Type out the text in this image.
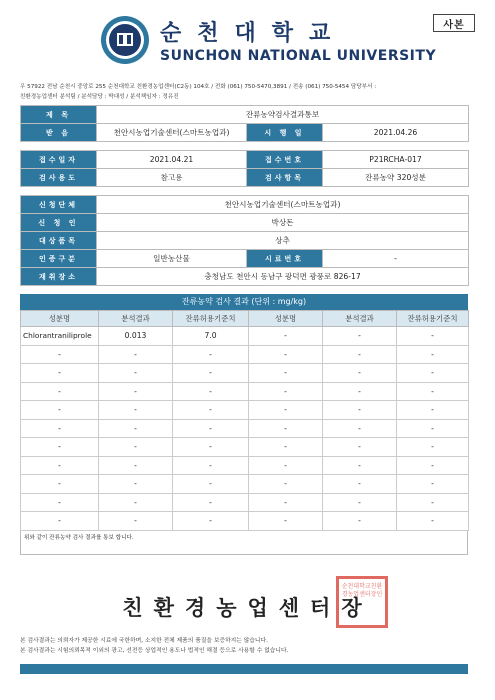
사본
순천대학교
SUNCHON NATIONAL UNIVERSITY
우 57922 전남 순천시 중앙로 255 순천대학교 친환경농업센터(C2동) 104호 / 전화 (061) 750-5470,3891 / 전송 (061) 750-5454 담당부서 :
친환경농업센터 분석팀 / 분석담당 : 박대성 / 분석책임자 : 정유진
제 목	잔류농약검사결과통보		
받 음	천안시농업기술센터(스마트농업과)	시 행 일	2021.04.26
접수일자	2021.04.21	접수번호	P21RCHA-017
검사용도	참고용	검사항목	잔류농약 320성분
신청단체	천안시농업기술센터(스마트농업과)		
신 청 인	박상돈		
대상품목	상추		
인증구분	일반농산물	시료번호	-
재취장소	충청남도 천안시 동남구 광덕면 광풍로 826-17		
잔류농약 검사 결과 (단위 : mg/kg)
성분명	분석결과	잔류허용기준치	성분명	분석결과	잔류허용기준치
Chlorantraniliprole	0.013	7.0	-	-	-
-	-	-	-	-	-
-	-	-	-	-	-
-	-	-	-	-	-
-	-	-	-	-	-
-	-	-	-	-	-
-	-	-	-	-	-
-	-	-	-	-	-
-	-	-	-	-	-
-	-	-	-	-	-
-	-	-	-	-	-
위와 같이 잔류농약 검사 결과를 통보 합니다.
친환경농업센터장
순천대학교친환경농업센터장인
본 검사결과는 의뢰자가 제공한 시료에 국한하며, 소지한 전체 제품의 품질을 보증하지는 않습니다.
본 검사결과는 시험의뢰목적 이외의 광고, 선전등 상업적인 용도나 법적인 해결 등으로 사용할 수 없습니다.
